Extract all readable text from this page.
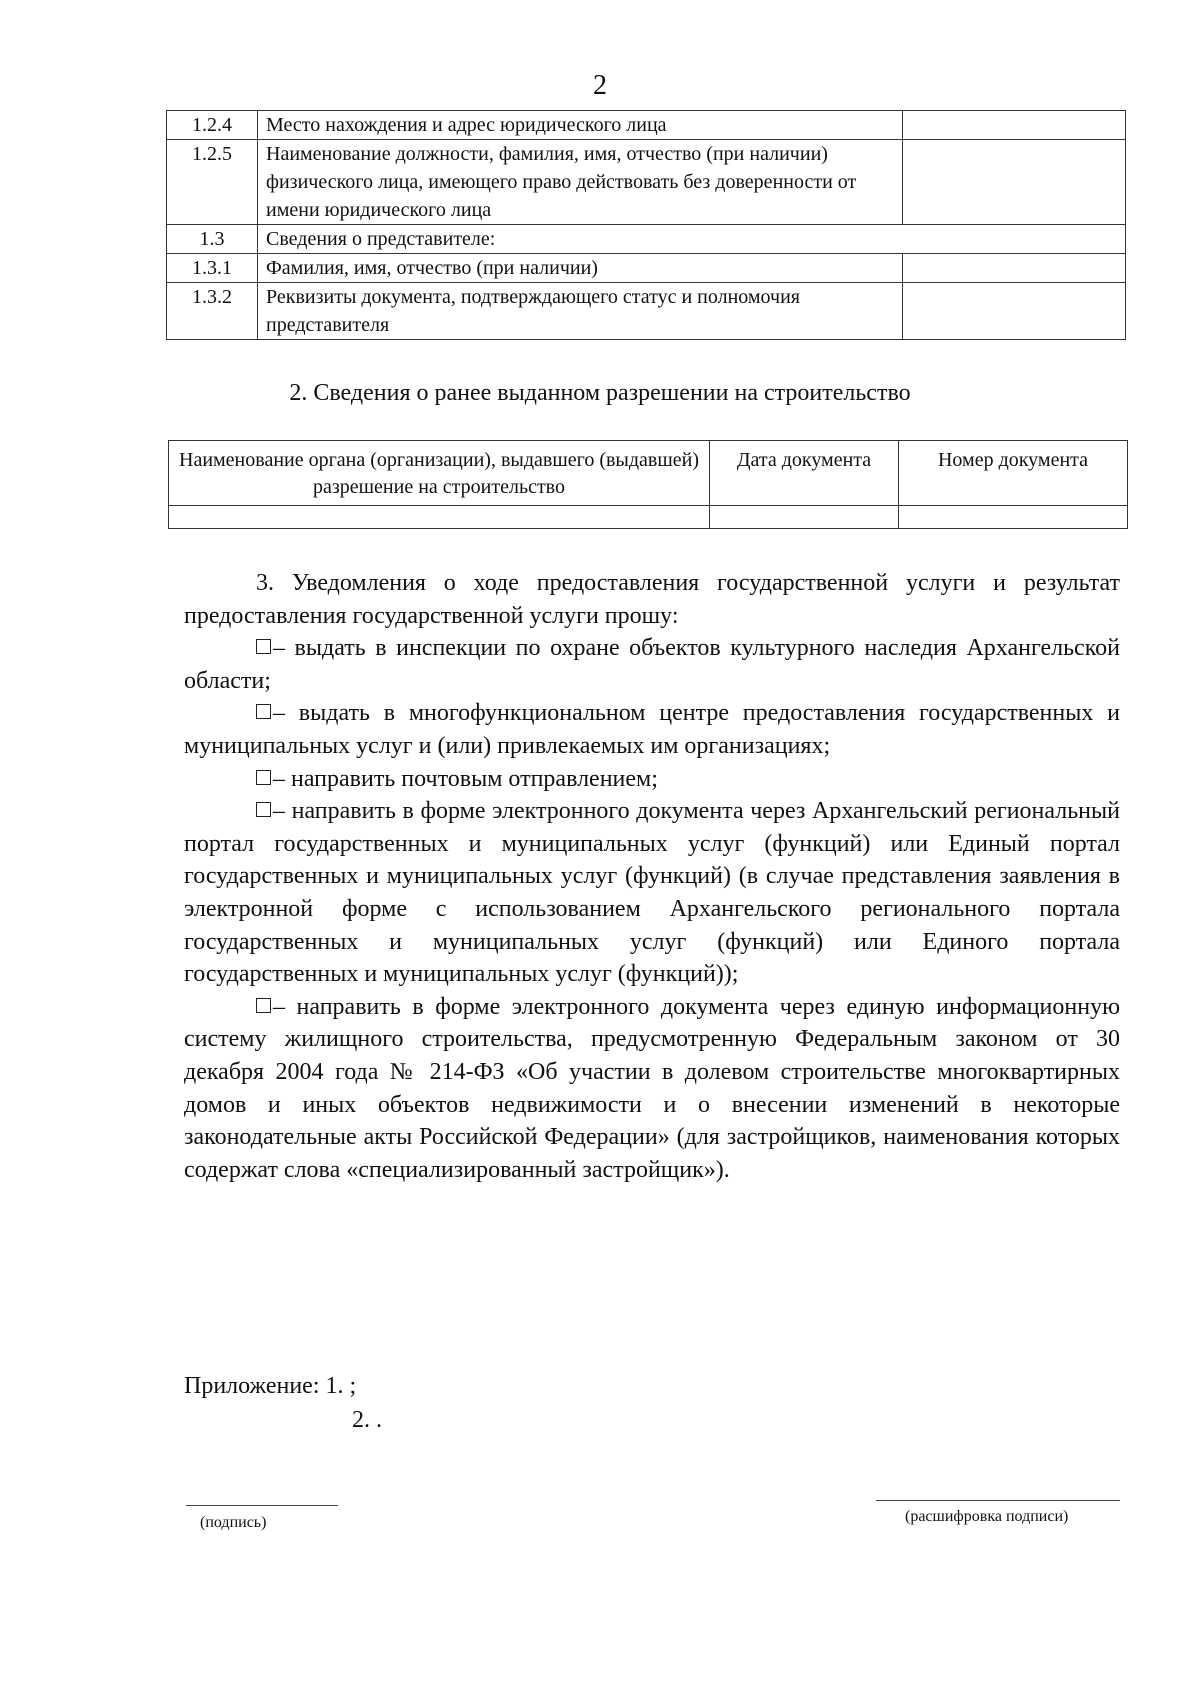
2
1.2.4	Место нахождения и адрес юридического лица	
1.2.5	Наименование должности, фамилия, имя, отчество (при наличии) физического лица, имеющего право действовать без доверенности от имени юридического лица	
1.3	Сведения о представителе:	
1.3.1	Фамилия, имя, отчество (при наличии)	
1.3.2	Реквизиты документа, подтверждающего статус и полномочия представителя	
2. Сведения о ранее выданном разрешении на строительство
Наименование органа (организации), выдавшего (выдавшей) разрешение на строительство	Дата документа	Номер документа

3. Уведомления о ходе предоставления государственной услуги и результат предоставления государственной услуги прошу:

– выдать в инспекции по охране объектов культурного наследия Архангельской области;

– выдать в многофункциональном центре предоставления государственных и муниципальных услуг и (или) привлекаемых им организациях;

– направить почтовым отправлением;

– направить в форме электронного документа через Архангельский региональный портал государственных и муниципальных услуг (функций) или Единый портал государственных и муниципальных услуг (функций) (в случае представления заявления в электронной форме с использованием Архангельского регионального портала государственных и муниципальных услуг (функций) или Единого портала государственных и муниципальных услуг (функций));

– направить в форме электронного документа через единую информационную систему жилищного строительства, предусмотренную Федеральным законом от 30 декабря 2004 года № 214-ФЗ «Об участии в долевом строительстве многоквартирных домов и иных объектов недвижимости и о внесении изменений в некоторые законодательные акты Российской Федерации» (для застройщиков, наименования которых содержат слова «специализированный застройщик»).

Приложение: 1. ;
2. .
(подпись)	(расшифровка подписи)
